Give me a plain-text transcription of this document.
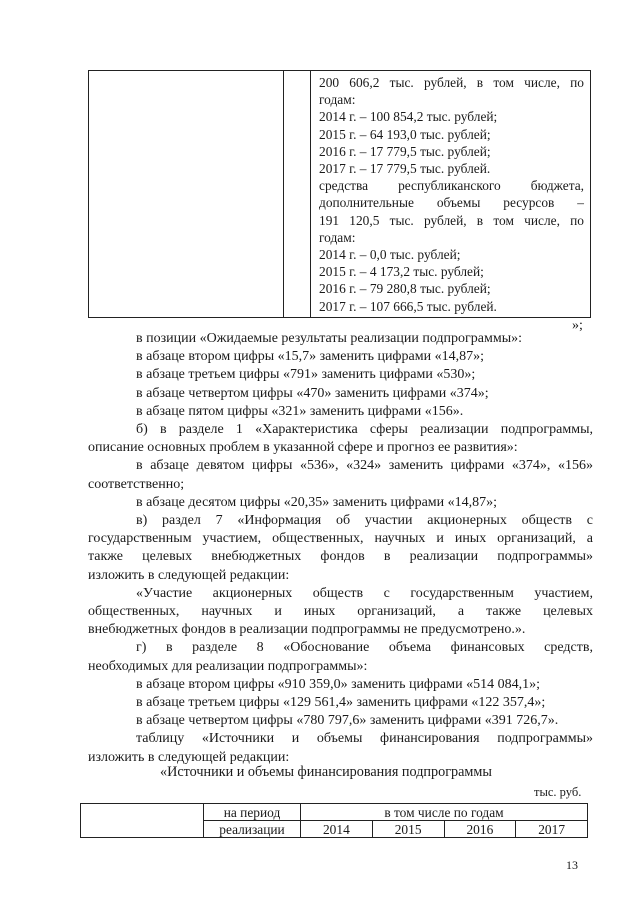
200 606,2 тыс. рублей, в том числе, по
годам:
2014 г. – 100 854,2 тыс. рублей;
2015 г. – 64 193,0 тыс. рублей;
2016 г. – 17 779,5 тыс. рублей;
2017 г. – 17 779,5 тыс. рублей.
средства республиканского бюджета,
дополнительные объемы ресурсов –
191 120,5 тыс. рублей, в том числе, по
годам:
2014 г. – 0,0 тыс. рублей;
2015 г. – 4 173,2 тыс. рублей;
2016 г. – 79 280,8 тыс. рублей;
2017 г. – 107 666,5 тыс. рублей.
»;
в позиции «Ожидаемые результаты реализации подпрограммы»:
в абзаце втором цифры «15,7» заменить цифрами «14,87»;
в абзаце третьем цифры «791» заменить цифрами «530»;
в абзаце четвертом цифры «470» заменить цифрами «374»;
в абзаце пятом цифры «321» заменить цифрами «156».
б) в разделе 1 «Характеристика сферы реализации подпрограммы,
описание основных проблем в указанной сфере и прогноз ее развития»:
в абзаце девятом цифры «536», «324» заменить цифрами «374», «156»
соответственно;
в абзаце десятом цифры «20,35» заменить цифрами «14,87»;
в) раздел 7 «Информация об участии акционерных обществ с
государственным участием, общественных, научных и иных организаций, а
также целевых внебюджетных фондов в реализации подпрограммы»
изложить в следующей редакции:
«Участие акционерных обществ с государственным участием,
общественных, научных и иных организаций, а также целевых
внебюджетных фондов в реализации подпрограммы не предусмотрено.».
г) в разделе 8 «Обоснование объема финансовых средств,
необходимых для реализации подпрограммы»:
в абзаце втором цифры «910 359,0» заменить цифрами «514 084,1»;
в абзаце третьем цифры «129 561,4» заменить цифрами «122 357,4»;
в абзаце четвертом цифры «780 797,6» заменить цифрами «391 726,7».
таблицу «Источники и объемы финансирования подпрограммы»
изложить в следующей редакции:
«Источники и объемы финансирования подпрограммы
тыс. руб.
	на период	в том числе по годам			
	реализации	2014	2015	2016	2017
13
